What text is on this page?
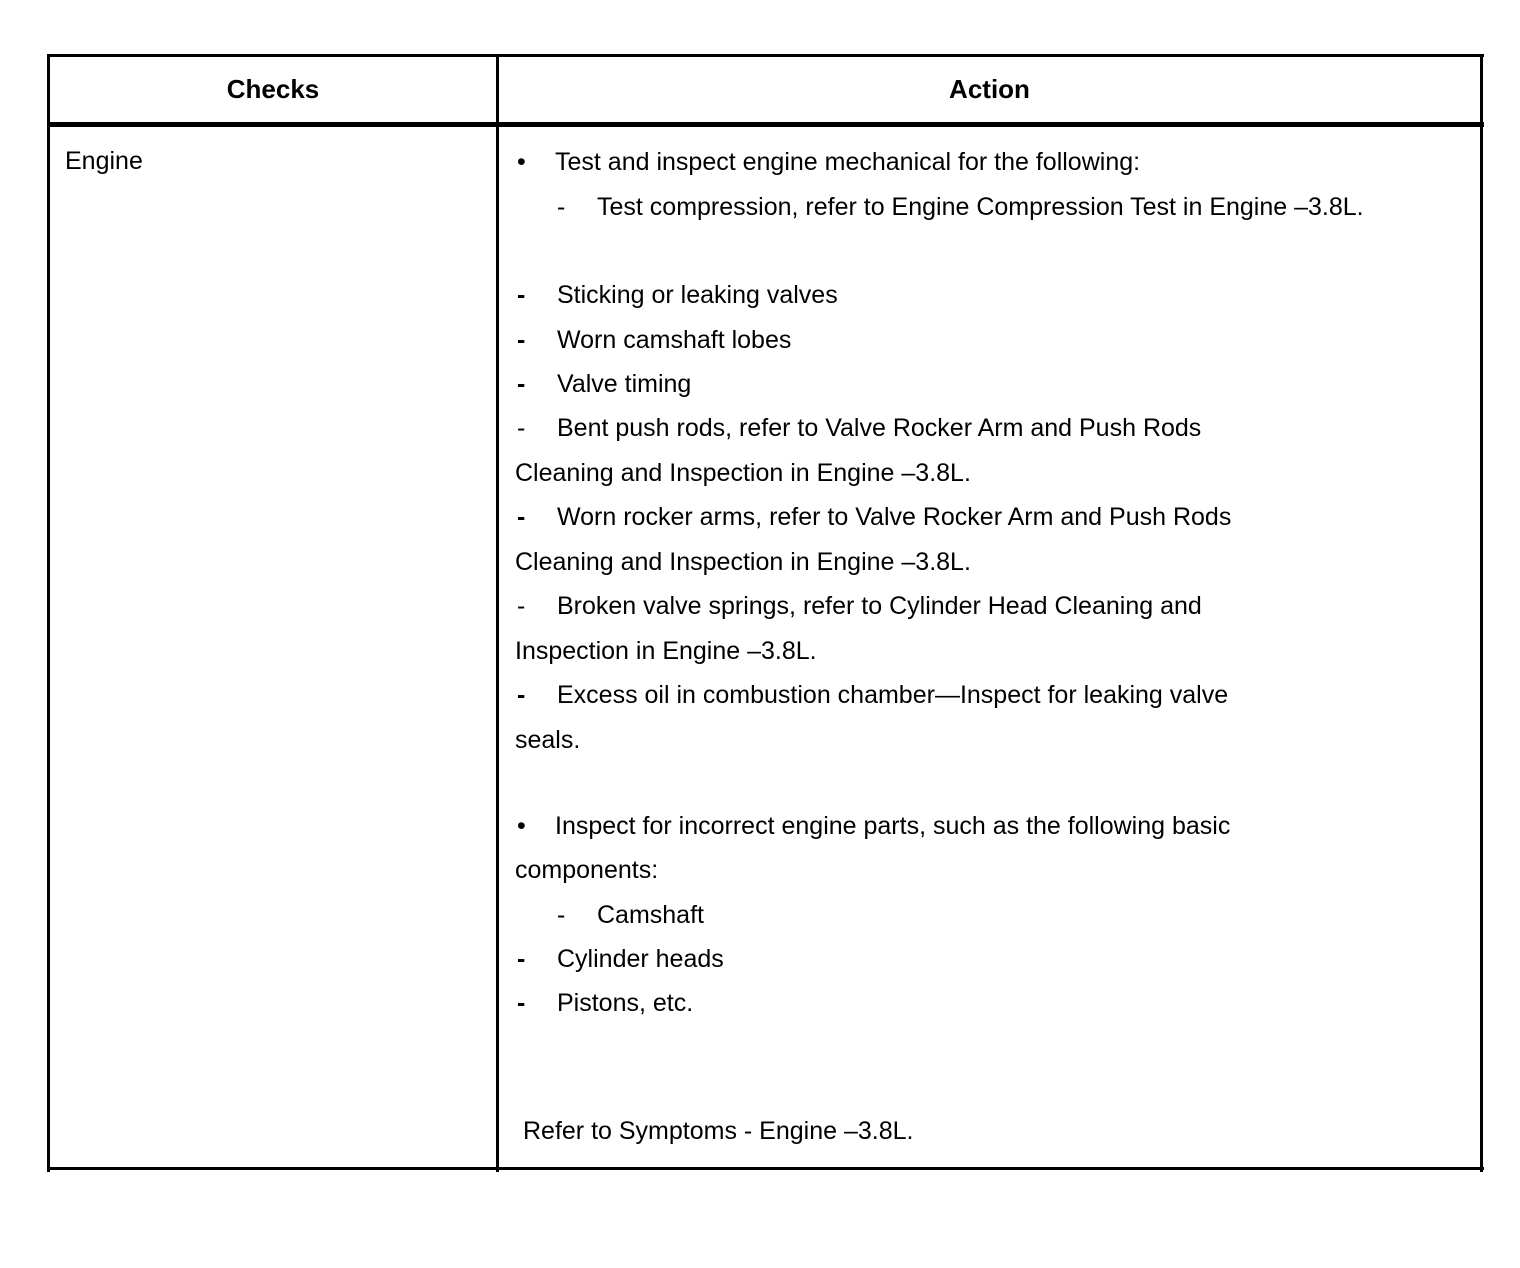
Checks	Action
Engine	• Test and inspect engine mechanical for the following:
- Test compression, refer to Engine Compression Test in Engine –3.8L.
- Sticking or leaking valves
- Worn camshaft lobes
- Valve timing
- Bent push rods, refer to Valve Rocker Arm and Push Rods
Cleaning and Inspection in Engine –3.8L.
- Worn rocker arms, refer to Valve Rocker Arm and Push Rods
Cleaning and Inspection in Engine –3.8L.
- Broken valve springs, refer to Cylinder Head Cleaning and
Inspection in Engine –3.8L.
- Excess oil in combustion chamber—Inspect for leaking valve
seals.
• Inspect for incorrect engine parts, such as the following basic
components:
- Camshaft
- Cylinder heads
- Pistons, etc.
Refer to Symptoms - Engine –3.8L.
